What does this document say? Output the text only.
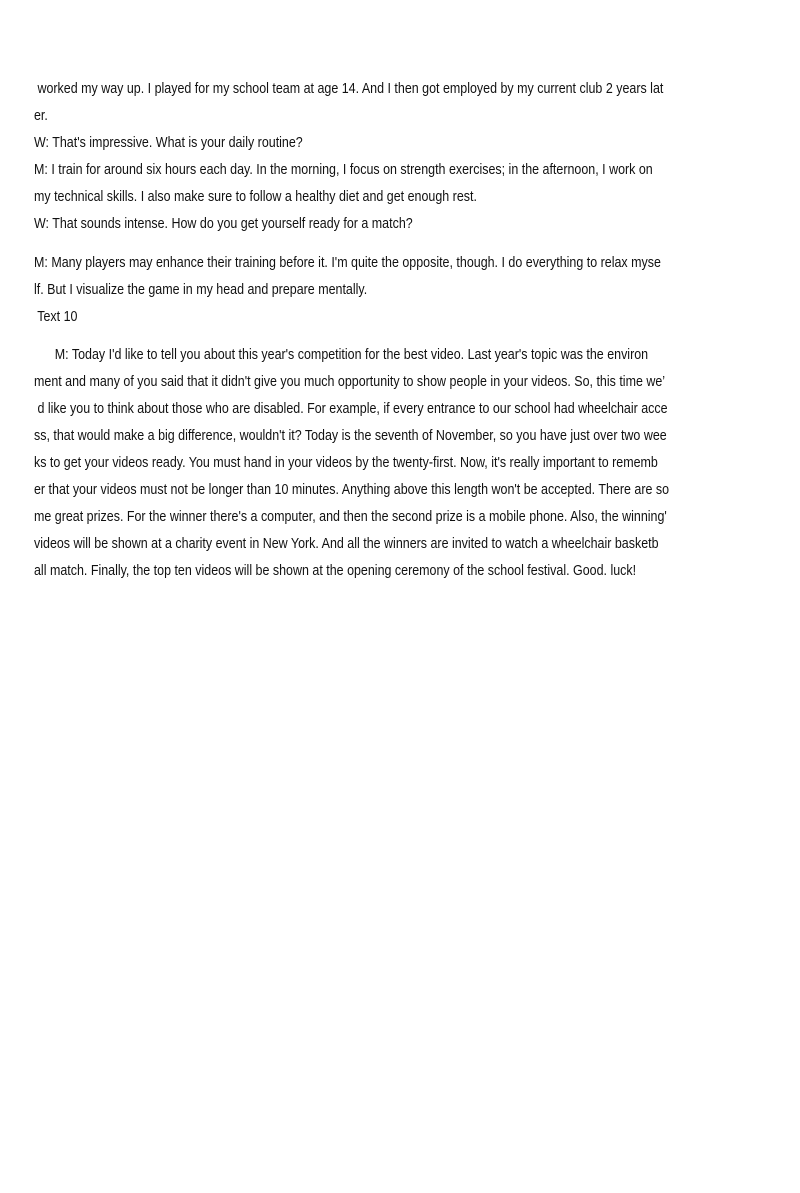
worked my way up. I played for my school team at age 14. And I then got employed by my current club 2 years lat
er.
W: That's impressive. What is your daily routine?
M: I train for around six hours each day. In the morning, I focus on strength exercises; in the afternoon, I work on
my technical skills. I also make sure to follow a healthy diet and get enough rest.
W: That sounds intense. How do you get yourself ready for a match?
M: Many players may enhance their training before it. I'm quite the opposite, though. I do everything to relax myse
lf. But I visualize the game in my head and prepare mentally.
Text 10
M: Today I'd like to tell you about this year's competition for the best video. Last year's topic was the environ
ment and many of you said that it didn't give you much opportunity to show people in your videos. So, this time we’
d like you to think about those who are disabled. For example, if every entrance to our school had wheelchair acce
ss, that would make a big difference, wouldn't it? Today is the seventh of November, so you have just over two wee
ks to get your videos ready. You must hand in your videos by the twenty-first. Now, it's really important to rememb
er that your videos must not be longer than 10 minutes. Anything above this length won't be accepted. There are so
me great prizes. For the winner there's a computer, and then the second prize is a mobile phone. Also, the winning'
videos will be shown at a charity event in New York. And all the winners are invited to watch a wheelchair basketb
all match. Finally, the top ten videos will be shown at the opening ceremony of the school festival. Good. luck!
